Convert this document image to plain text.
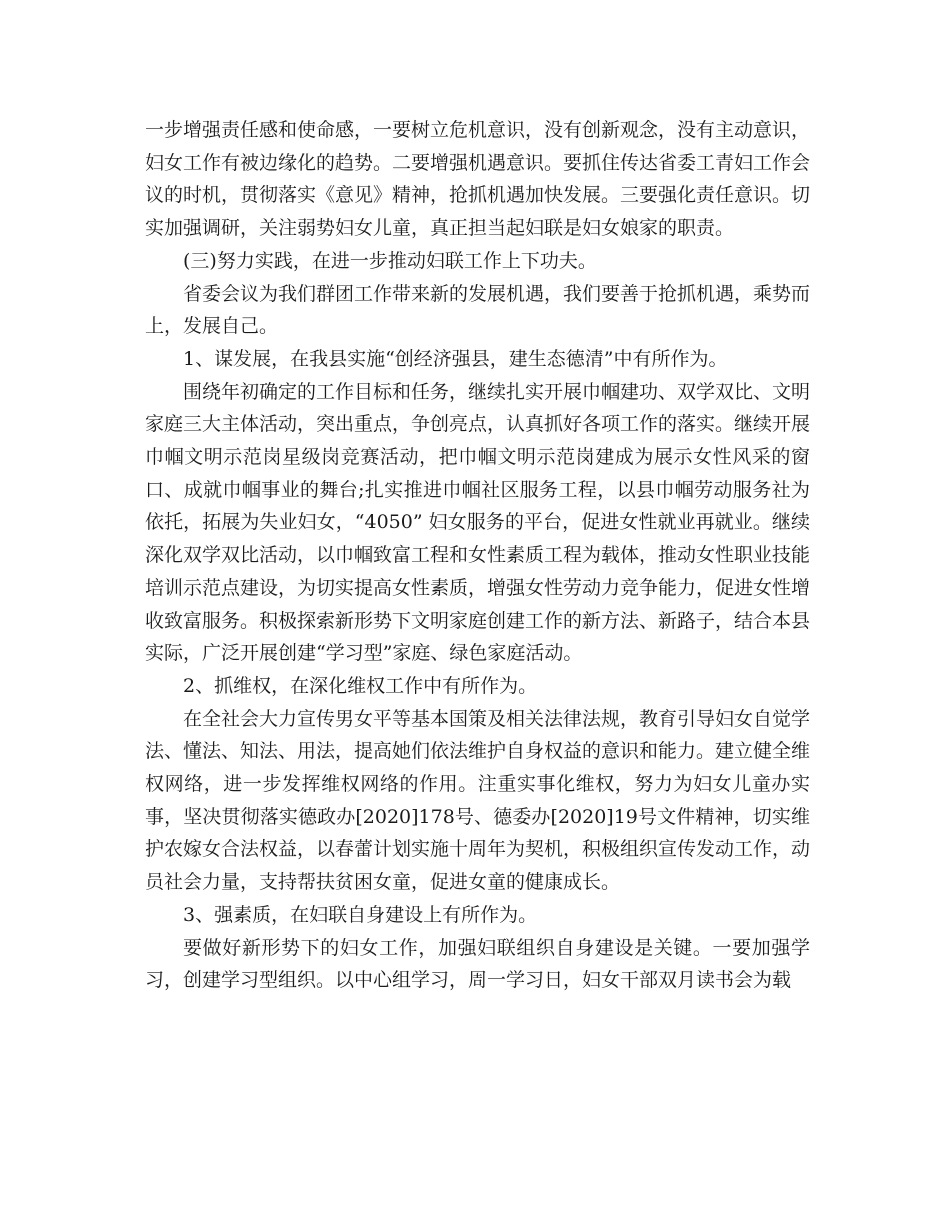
一步增强责任感和使命感，一要树立危机意识，没有创新观念，没有主动意识，妇女工作有被边缘化的趋势。二要增强机遇意识。要抓住传达省委工青妇工作会议的时机，贯彻落实《意见》精神，抢抓机遇加快发展。三要强化责任意识。切实加强调研，关注弱势妇女儿童，真正担当起妇联是妇女娘家的职责。

(三)努力实践，在进一步推动妇联工作上下功夫。

省委会议为我们群团工作带来新的发展机遇，我们要善于抢抓机遇，乘势而上，发展自己。

1、谋发展，在我县实施“创经济强县，建生态德清”中有所作为。

围绕年初确定的工作目标和任务，继续扎实开展巾帼建功、双学双比、文明家庭三大主体活动，突出重点，争创亮点，认真抓好各项工作的落实。继续开展巾帼文明示范岗星级岗竞赛活动，把巾帼文明示范岗建成为展示女性风采的窗口、成就巾帼事业的舞台;扎实推进巾帼社区服务工程，以县巾帼劳动服务社为依托，拓展为失业妇女，“4050” 妇女服务的平台，促进女性就业再就业。继续深化双学双比活动，以巾帼致富工程和女性素质工程为载体，推动女性职业技能培训示范点建设，为切实提高女性素质，增强女性劳动力竞争能力，促进女性增收致富服务。积极探索新形势下文明家庭创建工作的新方法、新路子，结合本县实际，广泛开展创建“学习型”家庭、绿色家庭活动。

2、抓维权，在深化维权工作中有所作为。

在全社会大力宣传男女平等基本国策及相关法律法规，教育引导妇女自觉学法、懂法、知法、用法，提高她们依法维护自身权益的意识和能力。建立健全维权网络，进一步发挥维权网络的作用。注重实事化维权，努力为妇女儿童办实事，坚决贯彻落实德政办[2020]178号、德委办[2020]19号文件精神，切实维护农嫁女合法权益，以春蕾计划实施十周年为契机，积极组织宣传发动工作，动员社会力量，支持帮扶贫困女童，促进女童的健康成长。

3、强素质，在妇联自身建设上有所作为。

要做好新形势下的妇女工作，加强妇联组织自身建设是关键。一要加强学习，创建学习型组织。以中心组学习，周一学习日，妇女干部双月读书会为载
